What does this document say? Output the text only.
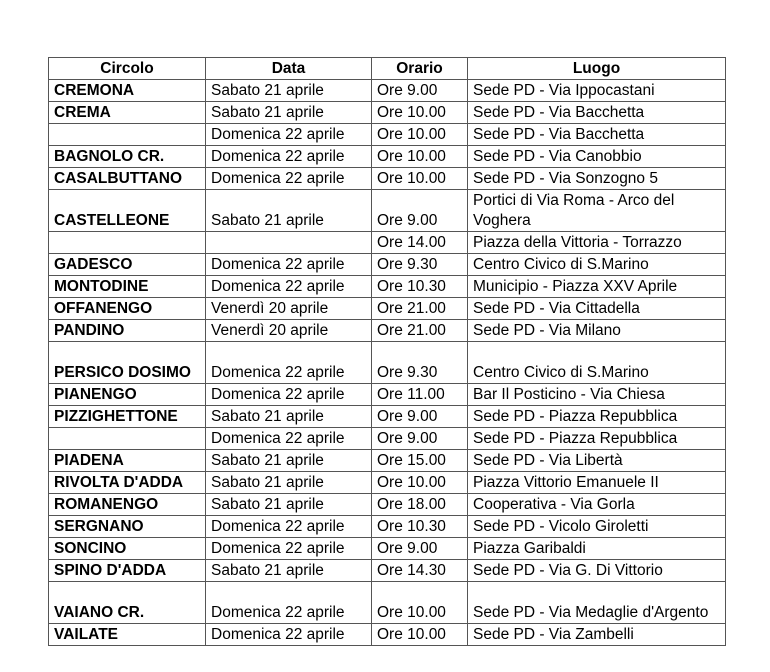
Circolo	Data	Orario	Luogo
CREMONA	Sabato 21 aprile	Ore 9.00	Sede PD - Via Ippocastani
CREMA	Sabato 21 aprile	Ore 10.00	Sede PD - Via Bacchetta
	Domenica 22 aprile	Ore 10.00	Sede PD - Via Bacchetta
BAGNOLO CR.	Domenica 22 aprile	Ore 10.00	Sede PD - Via Canobbio
CASALBUTTANO	Domenica 22 aprile	Ore 10.00	Sede PD - Via Sonzogno 5
CASTELLEONE	Sabato 21 aprile	Ore 9.00	Portici di Via Roma - Arco del Voghera
		Ore 14.00	Piazza della Vittoria - Torrazzo
GADESCO	Domenica 22 aprile	Ore 9.30	Centro Civico di S.Marino
MONTODINE	Domenica 22 aprile	Ore 10.30	Municipio - Piazza XXV Aprile
OFFANENGO	Venerdì 20 aprile	Ore 21.00	Sede PD - Via Cittadella
PANDINO	Venerdì 20 aprile	Ore 21.00	Sede PD - Via Milano
PERSICO DOSIMO	Domenica 22 aprile	Ore 9.30	Centro Civico di S.Marino
PIANENGO	Domenica 22 aprile	Ore 11.00	Bar Il Posticino - Via Chiesa
PIZZIGHETTONE	Sabato 21 aprile	Ore 9.00	Sede PD - Piazza Repubblica
	Domenica 22 aprile	Ore 9.00	Sede PD - Piazza Repubblica
PIADENA	Sabato 21 aprile	Ore 15.00	Sede PD - Via Libertà
RIVOLTA D'ADDA	Sabato 21 aprile	Ore 10.00	Piazza Vittorio Emanuele II
ROMANENGO	Sabato 21 aprile	Ore 18.00	Cooperativa - Via Gorla
SERGNANO	Domenica 22 aprile	Ore 10.30	Sede PD - Vicolo Giroletti
SONCINO	Domenica 22 aprile	Ore 9.00	Piazza Garibaldi
SPINO D'ADDA	Sabato 21 aprile	Ore 14.30	Sede PD - Via G. Di Vittorio
VAIANO CR.	Domenica 22 aprile	Ore 10.00	Sede PD - Via Medaglie d'Argento
VAILATE	Domenica 22 aprile	Ore 10.00	Sede PD - Via Zambelli
